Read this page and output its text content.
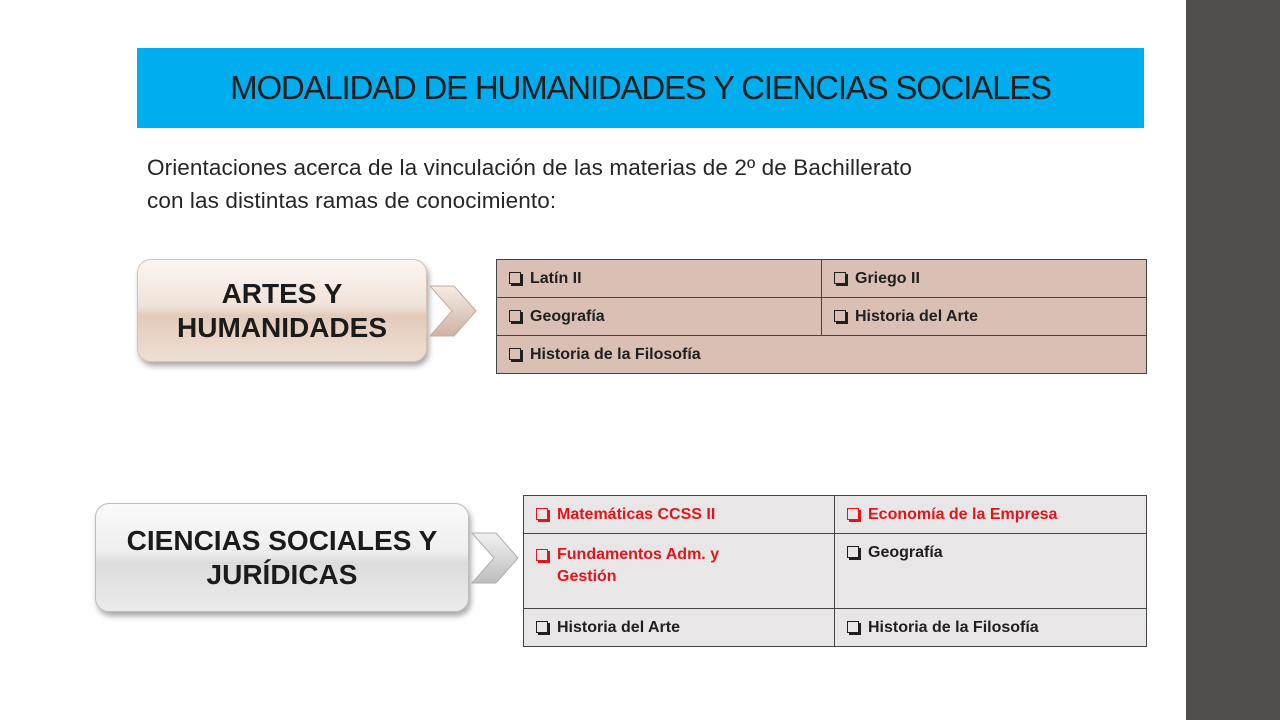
MODALIDAD DE HUMANIDADES Y CIENCIAS SOCIALES
Orientaciones acerca de la vinculación de las materias de 2º de Bachillerato
con las distintas ramas de conocimiento:
ARTES Y
HUMANIDADES
Latín II	Griego II
Geografía	Historia del Arte
Historia de la Filosofía	
CIENCIAS SOCIALES Y
JURÍDICAS
Matemáticas CCSS II	Economía de la Empresa

Fundamentos Adm. y
Gestión	Geografía
Historia del Arte	Historia de la Filosofía
